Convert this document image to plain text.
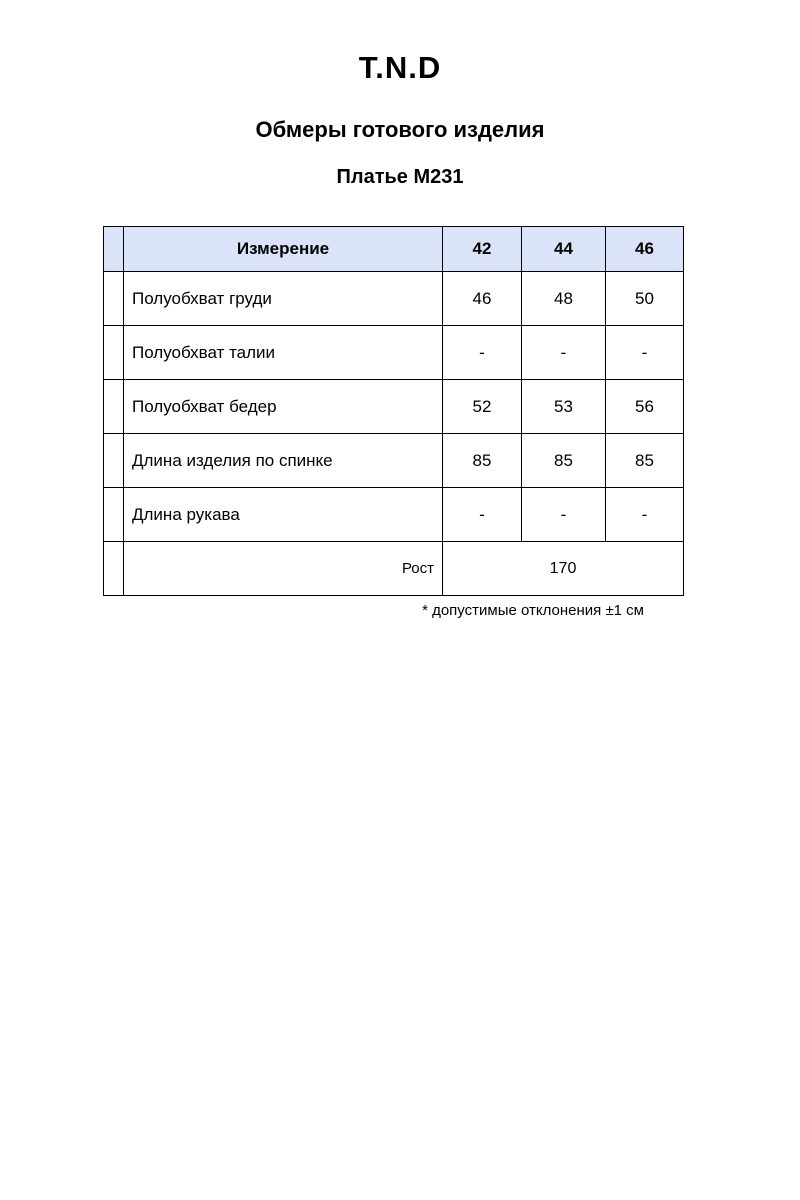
T.N.D
Обмеры готового изделия
Платье М231
	Измерение	42	44	46
	Полуобхват груди	46	48	50
	Полуобхват талии	-	-	-
	Полуобхват бедер	52	53	56
	Длина изделия по спинке	85	85	85
	Длина рукава	-	-	-
	Рост	170		
* допустимые отклонения ±1 см
